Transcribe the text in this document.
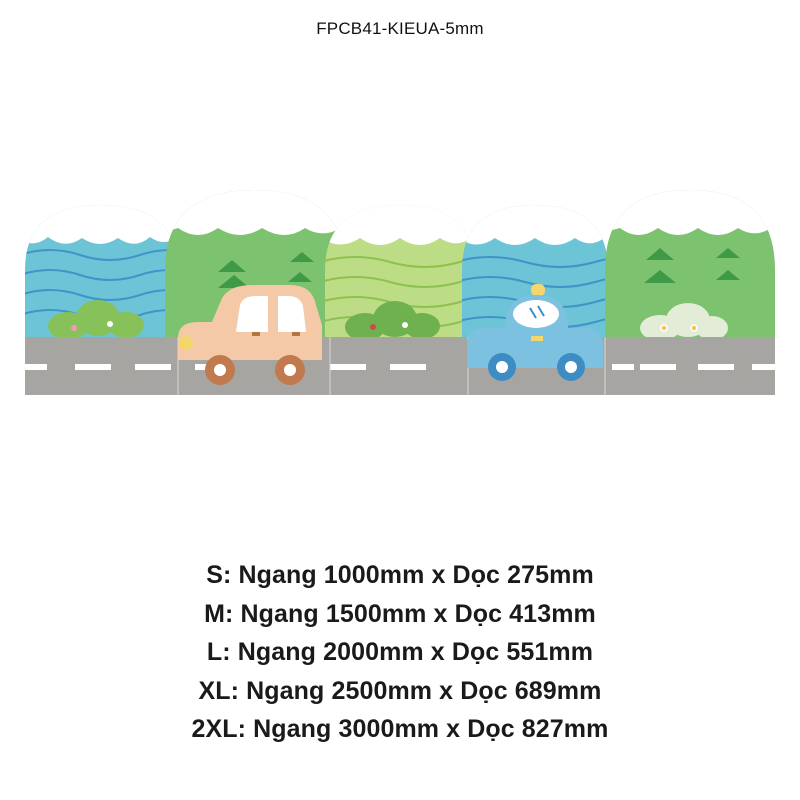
FPCB41-KIEUA-5mm
S: Ngang 1000mm x Dọc 275mm
M: Ngang 1500mm x Dọc 413mm
L: Ngang 2000mm x Dọc 551mm
XL: Ngang 2500mm x Dọc 689mm
2XL: Ngang 3000mm x Dọc 827mm
